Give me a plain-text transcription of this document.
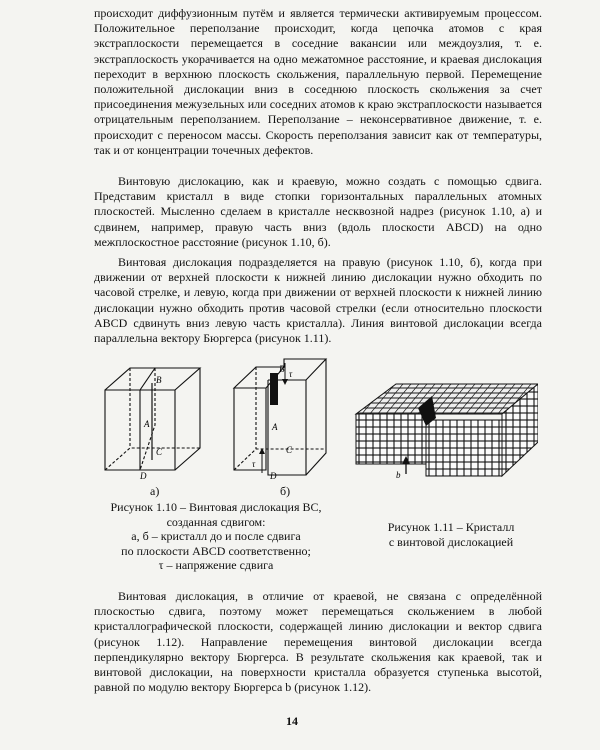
происходит диффузионным путём и является термически активируемым процессом. Положительное переползание происходит, когда цепочка атомов с края экстраплоскости перемещается в соседние вакансии или междоузлия, т. е. экстраплоскость укорачивается на одно межатомное расстояние, и краевая дислокация переходит в верхнюю плоскость скольжения, параллельную первой. Перемещение положительной дислокации вниз в соседнюю плоскость скольжения за счет присоединения межузельных или соседних атомов к краю экстраплоскости называется отрицательным переползанием. Переползание – неконсервативное движение, т. е. происходит с переносом массы. Скорость переползания зависит как от температуры, так и от концентрации точечных дефектов.

Винтовую дислокацию, как и краевую, можно создать с помощью сдвига. Представим кристалл в виде стопки горизонтальных параллельных атомных плоскостей. Мысленно сделаем в кристалле несквозной надрез (рисунок 1.10, а) и сдвинем, например, правую часть вниз (вдоль плоскости ABCD) на одно межплоскостное расстояние (рисунок 1.10, б).

Винтовая дислокация подразделяется на правую (рисунок 1.10, б), когда при движении от верхней плоскости к нижней линию дислокации нужно обходить по часовой стрелке, и левую, когда при движении от верхней плоскости к нижней линию дислокации нужно обходить против часовой стрелки (если относительно плоскости ABCD сдвинуть вниз левую часть кристалла). Линия винтовой дислокации всегда параллельна вектору Бюргерса (рисунок 1.11).

B
A
C
D
а)
τ
B
A
C
τ
D
б)
b
Рисунок 1.10 – Винтовая дислокация ВС,
созданная сдвигом:
а, б – кристалл до и после сдвига
по плоскости ABCD соответственно;
τ – напряжение сдвига
Рисунок 1.11 – Кристалл
с винтовой дислокацией

Винтовая дислокация, в отличие от краевой, не связана с определённой плоскостью сдвига, поэтому может перемещаться скольжением в любой кристаллографической плоскости, содержащей линию дислокации и вектор сдвига (рисунок 1.12). Направление перемещения винтовой дислокации всегда перпендикулярно вектору Бюргерса. В результате скольжения как краевой, так и винтовой дислокации, на поверхности кристалла образуется ступенька высотой, равной по модулю вектору Бюргерса b (рисунок 1.12).

14
